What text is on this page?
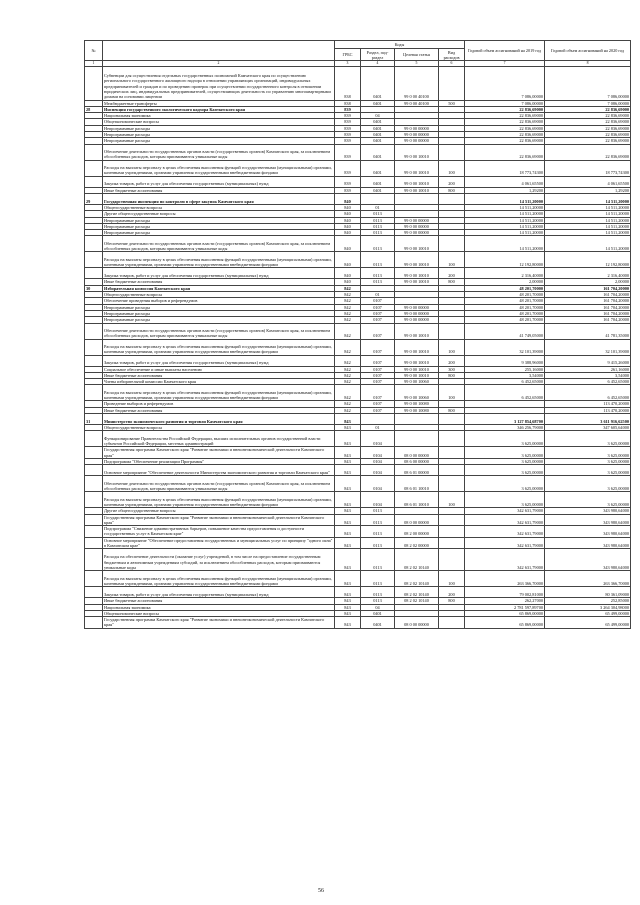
№		Коды				Годовой объем ассигнований на 2019 год	Годовой объем ассигнований на 2020 год
		ГРБС	Раздел, под-раздел	Целевая статья	Вид расходов		
1	2	3	4	5	6	7	8
	Субвенции для осуществления отдельных государственных полномочий Камчатского края по осуществлению регионального государственного жилищного надзора в отношении управляющих организаций, индивидуальных предпринимателей и граждан и по проведению проверок при осуществлении государственного контроля в отношении юридических лиц, индивидуальных предпринимателей, осуществляющих деятельность по управлению многоквартирными домами на основании лицензии	838	0401	99 0 00 40100		7 086,00000	7 086,00000
	Межбюджетные трансферты	838	0401	99 0 00 40100	500	7 086,00000	7 086,00000
28	Инспекция государственного экологического надзора Камчатского края	839				22 836,69000	22 836,69000
	Национальная экономика	839	04			22 836,69000	22 836,69000
	Общеэкономические вопросы	839	0401			22 836,69000	22 836,69000
	Непрограммные расходы	839	0401	99 0 00 00000		22 836,69000	22 836,69000
	Непрограммные расходы	839	0401	99 0 00 00000		22 836,69000	22 836,69000
	Непрограммные расходы	839	0401	99 0 00 00000		22 836,69000	22 836,69000
	Обеспечение деятельности государственных органов власти (государственных органов) Камчатского края, за исключением обособленных расходов, которым присваиваются уникальные коды	839	0401	99 0 00 10010		22 836,69000	22 836,69000
	Расходы на выплаты персоналу в целях обеспечения выполнения функций государственными (муниципальными) органами, казенными учреждениями, органами управления государственными внебюджетными фондами	839	0401	99 0 00 10010	100	18 773,74300	18 773,74300
	Закупка товаров, работ и услуг для обеспечения государственных (муниципальных) нужд	839	0401	99 0 00 10010	200	4 061,65500	4 061,65500
	Иные бюджетные ассигнования	839	0401	99 0 00 10010	800	1,29200	1,29200
29	Государственная инспекция по контролю в сфере закупок Камчатского края	840				14 511,20000	14 511,20000
	Общегосударственные вопросы	840	01			14 511,20000	14 511,20000
	Другие общегосударственные вопросы	840	0113			14 511,20000	14 511,20000
	Непрограммные расходы	840	0113	99 0 00 00000		14 511,20000	14 511,20000
	Непрограммные расходы	840	0113	99 0 00 00000		14 511,20000	14 511,20000
	Непрограммные расходы	840	0113	99 0 00 00000		14 511,20000	14 511,20000
	Обеспечение деятельности государственных органов власти (государственных органов) Камчатского края, за исключением обособленных расходов, которым присваиваются уникальные коды	840	0113	99 0 00 10010		14 511,20000	14 511,20000
	Расходы на выплаты персоналу в целях обеспечения выполнения функций государственными (муниципальными) органами, казенными учреждениями, органами управления государственными внебюджетными фондами	840	0113	99 0 00 10010	100	12 192,80000	12 192,80000
	Закупка товаров, работ и услуг для обеспечения государственных (муниципальных) нужд	840	0113	99 0 00 10010	200	2 316,40000	2 316,40000
	Иные бюджетные ассигнования	840	0113	99 0 00 10010	800	2,00000	2,00000
30	Избирательная комиссия Камчатского края	842				48 201,70000	161 704,20000
	Общегосударственные вопросы	842	01			48 201,70000	161 704,20000
	Обеспечение проведения выборов и референдумов	842	0107			48 201,70000	161 704,20000
	Непрограммные расходы	842	0107	99 0 00 00000		48 201,70000	161 704,20000
	Непрограммные расходы	842	0107	99 0 00 00000		48 201,70000	161 704,20000
	Непрограммные расходы	842	0107	99 0 00 00000		48 201,70000	161 704,20000
	Обеспечение деятельности государственных органов власти (государственных органов) Камчатского края, за исключением обособленных расходов, которым присваиваются уникальные коды	842	0107	99 0 00 10010		41 749,05000	41 781,35000
	Расходы на выплаты персоналу в целях обеспечения выполнения функций государственными (муниципальными) органами, казенными учреждениями, органами управления государственными внебюджетными фондами	842	0107	99 0 00 10010	100	32 101,39000	32 101,39000
	Закупка товаров, работ и услуг для обеспечения государственных (муниципальных) нужд	842	0107	99 0 00 10010	200	9 388,96000	9 415,26000
	Социальное обеспечение и иные выплаты населению	842	0107	99 0 00 10010	300	255,16000	261,16000
	Иные бюджетные ассигнования	842	0107	99 0 00 10010	800	3,54000	3,54000
	Члены избирательной комиссии Камчатского края	842	0107	99 0 00 10060		6 452,65000	6 452,65000
	Расходы на выплаты персоналу в целях обеспечения выполнения функций государственными (муниципальными) органами, казенными учреждениями, органами управления государственными внебюджетными фондами	842	0107	99 0 00 10060	100	6 452,65000	6 452,65000
	Проведение выборов и референдумов	842	0107	99 0 00 10080			113 470,20000
	Иные бюджетные ассигнования	842	0107	99 0 00 10080	800		113 470,20000
31	Министерство экономического развития и торговли Камчатского края	843				3 127 854,68700	3 611 916,62500
	Общегосударственные вопросы	843	01			346 256,79000	347 605,64000
	Функционирование Правительства Российской Федерации, высших исполнительных органов государственной власти субъектов Российской Федерации, местных администраций	843	0104			3 625,00000	3 625,00000
	Государственная программа Камчатского края "Развитие экономики и внешнеэкономической деятельности Камчатского края"	843	0104	08 0 00 00000		3 625,00000	3 625,00000
	Подпрограмма "Обеспечение реализации Программы"	843	0104	08 6 00 00000		3 625,00000	3 625,00000
	Основное мероприятие "Обеспечение деятельности Министерства экономического развития и торговли Камчатского края"	843	0104	08 6 01 00000		3 625,00000	3 625,00000
	Обеспечение деятельности государственных органов власти (государственных органов) Камчатского края, за исключением обособленных расходов, которым присваиваются уникальные коды	843	0104	08 6 01 10010		3 625,00000	3 625,00000
	Расходы на выплаты персоналу в целях обеспечения выполнения функций государственными (муниципальными) органами, казенными учреждениями, органами управления государственными внебюджетными фондами	843	0104	08 6 01 10010	100	3 625,00000	3 625,00000
	Другие общегосударственные вопросы	843	0113			342 631,79000	343 980,64000
	Государственная программа Камчатского края "Развитие экономики и внешнеэкономической деятельности Камчатского края"	843	0113	08 0 00 00000		342 631,79000	343 980,64000
	Подпрограмма "Снижение административных барьеров, повышение качества предоставления и доступности государственных услуг в Камчатском крае"	843	0113	08 2 00 00000		342 631,79000	343 980,64000
	Основное мероприятие "Обеспечение предоставления государственных и муниципальных услуг по принципу "одного окна" в Камчатском крае"	843	0113	08 2 02 00000		342 631,79000	343 980,64000
	Расходы на обеспечение деятельности (оказание услуг) учреждений, в том числе на предоставление государственным бюджетным и автономным учреждениям субсидий, за исключением обособленных расходов, которым присваиваются уникальные коды	843	0113	08 2 02 10140		342 631,79000	343 980,64000
	Расходы на выплаты персоналу в целях обеспечения выполнения функций государственными (муниципальными) органами, казенными учреждениями, органами управления государственными внебюджетными фондами	843	0113	08 2 02 10140	100	263 366,70000	263 366,70000
	Закупка товаров, работ и услуг для обеспечения государственных (муниципальных) нужд	843	0113	08 2 02 10140	200	79 002,81000	80 361,09000
	Иные бюджетные ассигнования	843	0113	08 2 02 10140	800	262,27000	252,85000
	Национальная экономика	843	04			2 781 597,89700	3 264 304,98000
	Общеэкономические вопросы	843	0401			65 869,00000	65 499,00000
	Государственная программа Камчатского края "Развитие экономики и внешнеэкономической деятельности Камчатского края"	843	0401	08 0 00 00000		65 869,00000	65 499,00000
56
